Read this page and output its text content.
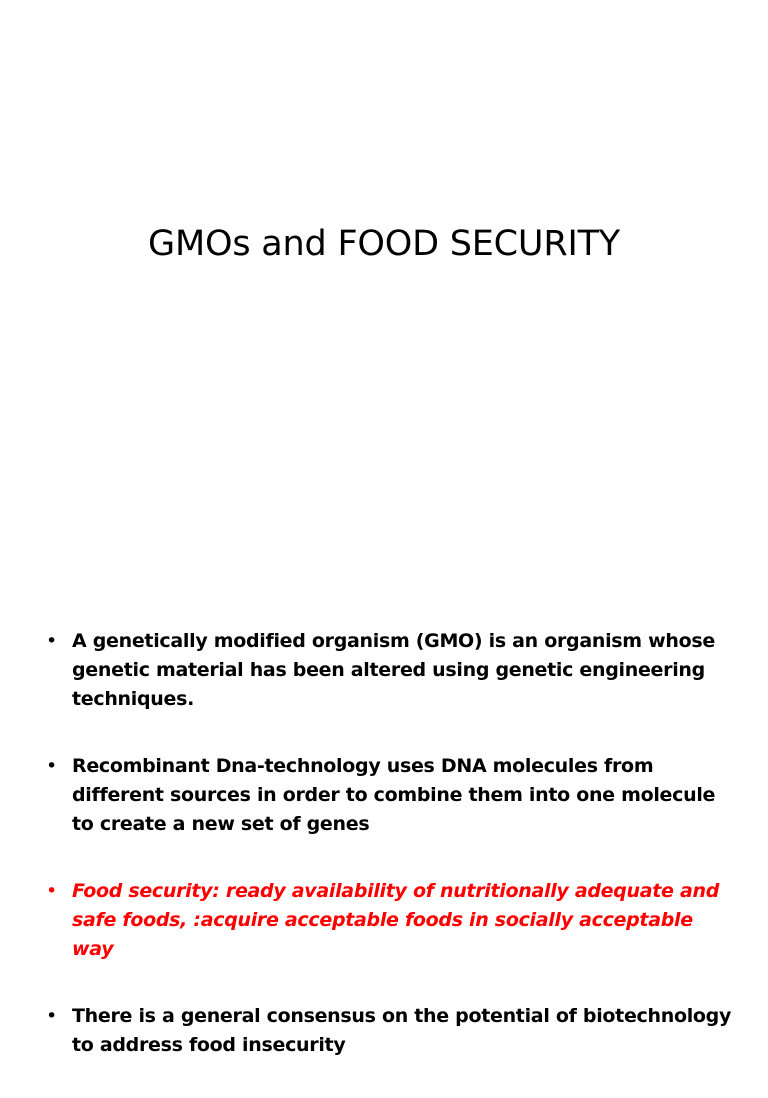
GMOs and FOOD SECURITY
• A genetically modified organism (GMO) is an organism whose genetic material has been altered using genetic engineering techniques.
• Recombinant Dna-technology uses DNA molecules from different sources in order to combine them into one molecule to create a new set of genes
• Food security: ready availability of nutritionally adequate and safe foods, :acquire acceptable foods in socially acceptable way
• There is a general consensus on the potential of biotechnology to address food insecurity
